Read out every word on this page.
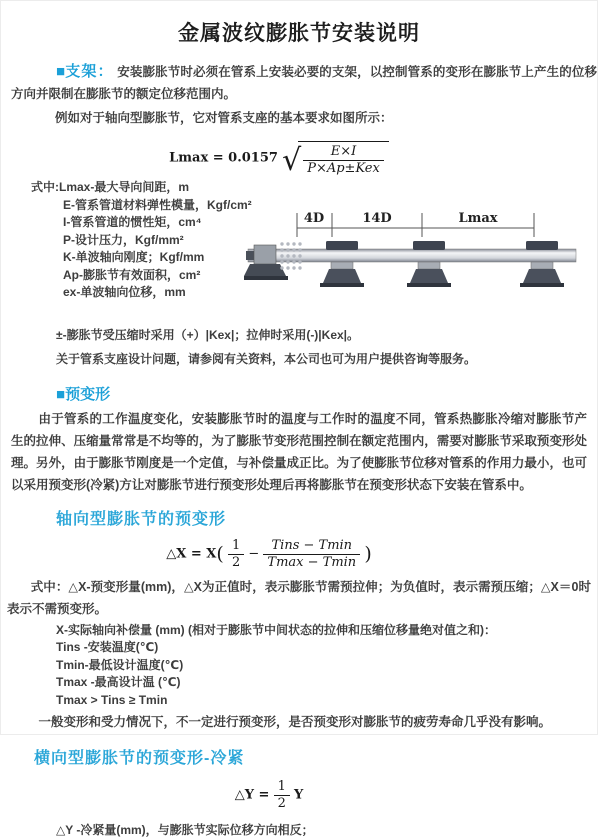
金属波纹膨胀节安装说明

■支架： 安装膨胀节时必须在管系上安装必要的支架，以控制管系的变形在膨胀节上产生的位移方向并限制在膨胀节的额定位移范围内。

例如对于轴向型膨胀节，它对管系支座的基本要求如图所示：

Lmax = 0.0157 √ $\frac{E\times I}{\text{P×Ap±Kex}}$
式中:Lmax-最大导向间距，m
E-管系管道材料弹性模量，Kgf/cm²
I-管系管道的惯性矩，cm⁴
P-设计压力，Kgf/mm²
K-单波轴向刚度；Kgf/mm
Ap-膨胀节有效面积，cm²
ex-单波轴向位移，mm
4D	14D	Lmax
±-膨胀节受压缩时采用（+）|Kex|；拉伸时采用(-)|Kex|。
关于管系支座设计问题，请参阅有关资料，本公司也可为用户提供咨询等服务。
■预变形

由于管系的工作温度变化，安装膨胀节时的温度与工作时的温度不同，管系热膨胀冷缩对膨胀节产生的拉伸、压缩量常常是不均等的，为了膨胀节变形范围控制在额定范围内，需要对膨胀节采取预变形处理。另外，由于膨胀节刚度是一个定值，与补偿量成正比。为了使膨胀节位移对管系的作用力最小，也可以采用预变形(冷紧)方让对膨胀节进行预变形处理后再将膨胀节在预变形状态下安装在管系中。

轴向型膨胀节的预变形
△X = $X( \frac{1}{2} - \frac{\text{Tins − Tmin}}{Tmax - Tmin}$ )

式中：△X-预变形量(mm)，△X为正值时，表示膨胀节需预拉伸；为负值时，表示需预压缩；△X＝0时表示不需预变形。

X-实际轴向补偿量 (mm) (相对于膨胀节中间状态的拉伸和压缩位移量绝对值之和)：
Tins -安装温度(℃)
Tmin-最低设计温度(℃)
Tmax -最高设计温 (℃)
Tmax > Tins ≥ Tmin

一般变形和受力情况下，不一定进行预变形，是否预变形对膨胀节的疲劳寿命几乎没有影响。

横向型膨胀节的预变形-冷紧
△Y = $\frac{1}{2}$ Y
△Y -冷紧量(mm)，与膨胀节实际位移方向相反；
